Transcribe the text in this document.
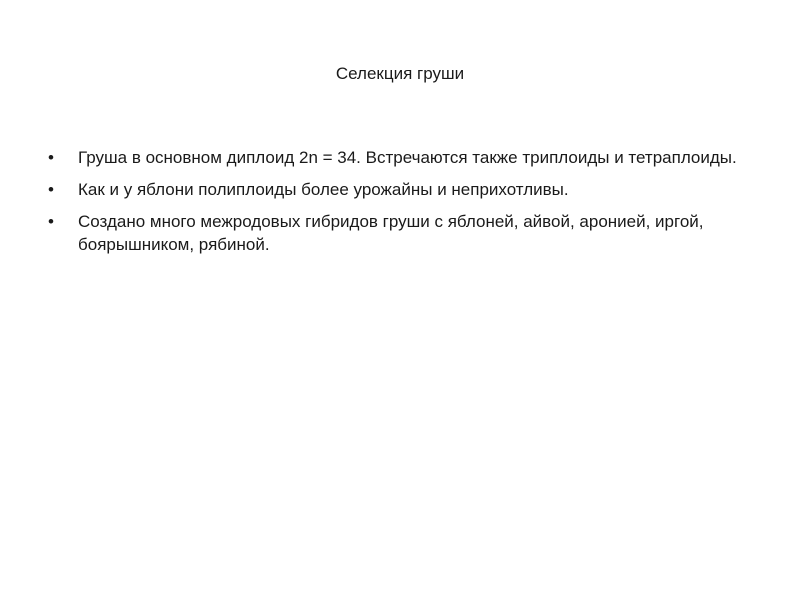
Селекция груши
•	Груша в основном диплоид 2n = 34. Встречаются также триплоиды и тетраплоиды.
•	Как и у яблони полиплоиды более урожайны и неприхотливы.
•	Создано много межродовых гибридов груши с яблоней, айвой, аронией, иргой, боярышником, рябиной.
